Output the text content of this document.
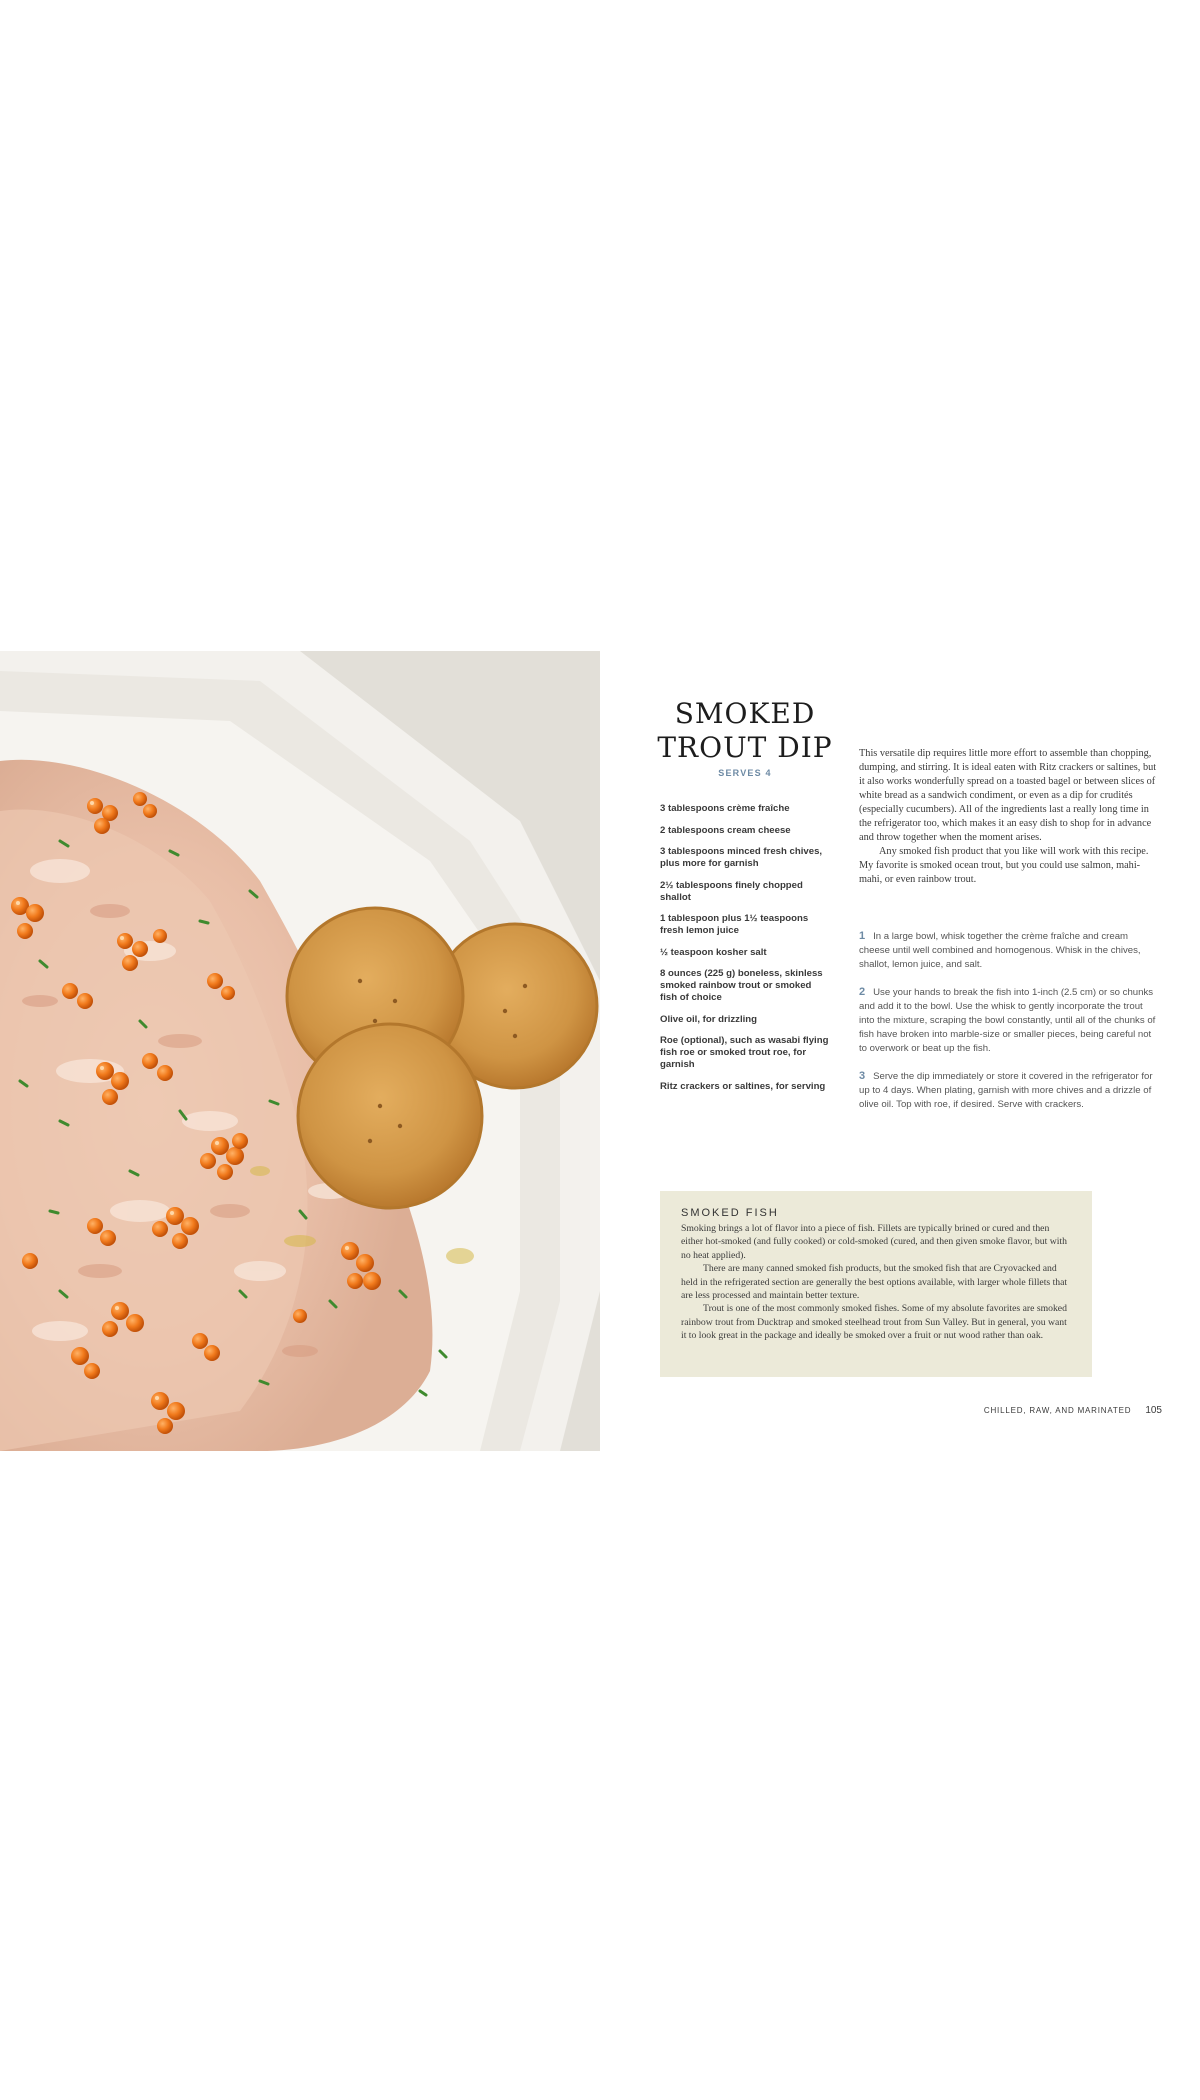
SMOKED
TROUT DIP
SERVES 4
3 tablespoons crème fraîche
2 tablespoons cream cheese
3 tablespoons minced fresh chives, plus more for garnish
2½ tablespoons finely chopped shallot
1 tablespoon plus 1½ teaspoons fresh lemon juice
½ teaspoon kosher salt
8 ounces (225 g) boneless, skinless smoked rainbow trout or smoked fish of choice
Olive oil, for drizzling
Roe (optional), such as wasabi flying fish roe or smoked trout roe, for garnish
Ritz crackers or saltines, for serving

This versatile dip requires little more effort to assemble than chopping, dumping, and stirring. It is ideal eaten with Ritz crackers or saltines, but it also works wonderfully spread on a toasted bagel or between slices of white bread as a sandwich condiment, or even as a dip for crudités (especially cucumbers). All of the ingredients last a really long time in the refrigerator too, which makes it an easy dish to shop for in advance and throw together when the moment arises.

Any smoked fish product that you like will work with this recipe. My favorite is smoked ocean trout, but you could use salmon, mahi-mahi, or even rainbow trout.

1 In a large bowl, whisk together the crème fraîche and cream cheese until well combined and homogenous. Whisk in the chives, shallot, lemon juice, and salt.

2 Use your hands to break the fish into 1-inch (2.5 cm) or so chunks and add it to the bowl. Use the whisk to gently incorporate the trout into the mixture, scraping the bowl constantly, until all of the chunks of fish have broken into marble-size or smaller pieces, being careful not to overwork or beat up the fish.

3 Serve the dip immediately or store it covered in the refrigerator for up to 4 days. When plating, garnish with more chives and a drizzle of olive oil. Top with roe, if desired. Serve with crackers.

SMOKED FISH

Smoking brings a lot of flavor into a piece of fish. Fillets are typically brined or cured and then either hot-smoked (and fully cooked) or cold-smoked (cured, and then given smoke flavor, but with no heat applied).

There are many canned smoked fish products, but the smoked fish that are Cryovacked and held in the refrigerated section are generally the best options available, with larger whole fillets that are less processed and maintain better texture.

Trout is one of the most commonly smoked fishes. Some of my absolute favorites are smoked rainbow trout from Ducktrap and smoked steelhead trout from Sun Valley. But in general, you want it to look great in the package and ideally be smoked over a fruit or nut wood rather than oak.

CHILLED, RAW, AND MARINATED 105
